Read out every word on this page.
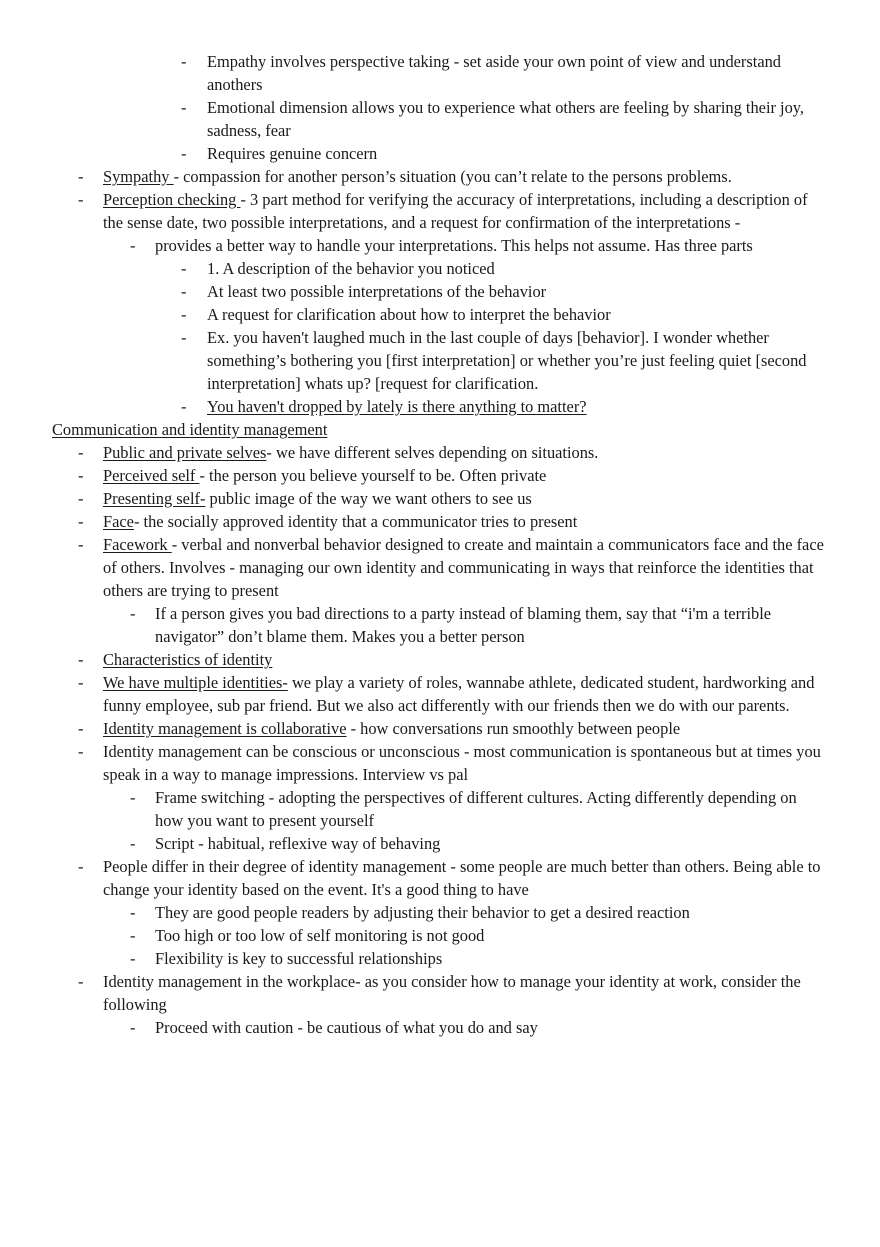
- Empathy involves perspective taking - set aside your own point of view and understand anothers
- Emotional dimension allows you to experience what others are feeling by sharing their joy, sadness, fear
- Requires genuine concern
- Sympathy - compassion for another person’s situation (you can’t relate to the persons problems.
- Perception checking - 3 part method for verifying the accuracy of interpretations, including a description of the sense date, two possible interpretations, and a request for confirmation of the interpretations -
- provides a better way to handle your interpretations. This helps not assume. Has three parts
- 1. A description of the behavior you noticed
- At least two possible interpretations of the behavior
- A request for clarification about how to interpret the behavior
- Ex. you haven't laughed much in the last couple of days [behavior]. I wonder whether something’s bothering you [first interpretation] or whether you’re just feeling quiet [second interpretation] whats up? [request for clarification.
- You haven't dropped by lately is there anything to matter?
Communication and identity management
- Public and private selves- we have different selves depending on situations.
- Perceived self - the person you believe yourself to be. Often private
- Presenting self- public image of the way we want others to see us
- Face- the socially approved identity that a communicator tries to present
- Facework - verbal and nonverbal behavior designed to create and maintain a communicators face and the face of others. Involves - managing our own identity and communicating in ways that reinforce the identities that others are trying to present
- If a person gives you bad directions to a party instead of blaming them, say that “i'm a terrible navigator” don’t blame them. Makes you a better person
- Characteristics of identity
- We have multiple identities- we play a variety of roles, wannabe athlete, dedicated student, hardworking and funny employee, sub par friend. But we also act differently with our friends then we do with our parents.
- Identity management is collaborative - how conversations run smoothly between people
- Identity management can be conscious or unconscious - most communication is spontaneous but at times you speak in a way to manage impressions. Interview vs pal
- Frame switching - adopting the perspectives of different cultures. Acting differently depending on how you want to present yourself
- Script - habitual, reflexive way of behaving
- People differ in their degree of identity management - some people are much better than others. Being able to change your identity based on the event. It's a good thing to have
- They are good people readers by adjusting their behavior to get a desired reaction
- Too high or too low of self monitoring is not good
- Flexibility is key to successful relationships
- Identity management in the workplace- as you consider how to manage your identity at work, consider the following
- Proceed with caution - be cautious of what you do and say
